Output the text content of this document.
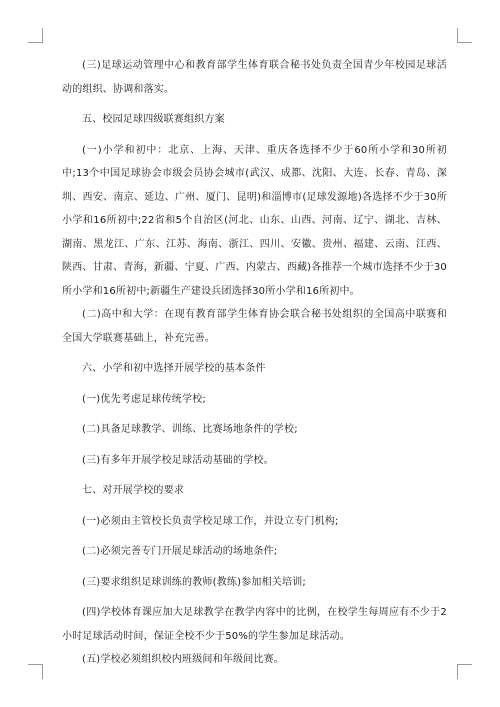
(三)足球运动管理中心和教育部学生体育联合秘书处负责全国青少年校园足球活动的组织、协调和落实。

五、校园足球四级联赛组织方案

(一)小学和初中：北京、上海、天津、重庆各选择不少于60所小学和30所初中;13个中国足球协会市级会员协会城市(武汉、成都、沈阳、大连、长春、青岛、深圳、西安、南京、延边、广州、厦门、昆明)和淄博市(足球发源地)各选择不少于30所小学和16所初中;22省和5个自治区(河北、山东、山西、河南、辽宁、湖北、吉林、湖南、黑龙江、广东、江苏、海南、浙江、四川、安徽、贵州、福建、云南、江西、陕西、甘肃、青海，新疆、宁夏、广西、内蒙古、西藏)各推荐一个城市选择不少于30所小学和16所初中;新疆生产建设兵团选择30所小学和16所初中。

(二)高中和大学：在现有教育部学生体育协会联合秘书处组织的全国高中联赛和全国大学联赛基础上，补充完善。

六、小学和初中选择开展学校的基本条件

(一)优先考虑足球传统学校;

(二)具备足球教学、训练、比赛场地条件的学校;

(三)有多年开展学校足球活动基础的学校。

七、对开展学校的要求

(一)必须由主管校长负责学校足球工作，并设立专门机构;

(二)必须完善专门开展足球活动的场地条件;

(三)要求组织足球训练的教师(教练)参加相关培训;

(四)学校体育课应加大足球教学在教学内容中的比例，在校学生每周应有不少于2小时足球活动时间，保证全校不少于50%的学生参加足球活动。

(五)学校必须组织校内班级间和年级间比赛。
